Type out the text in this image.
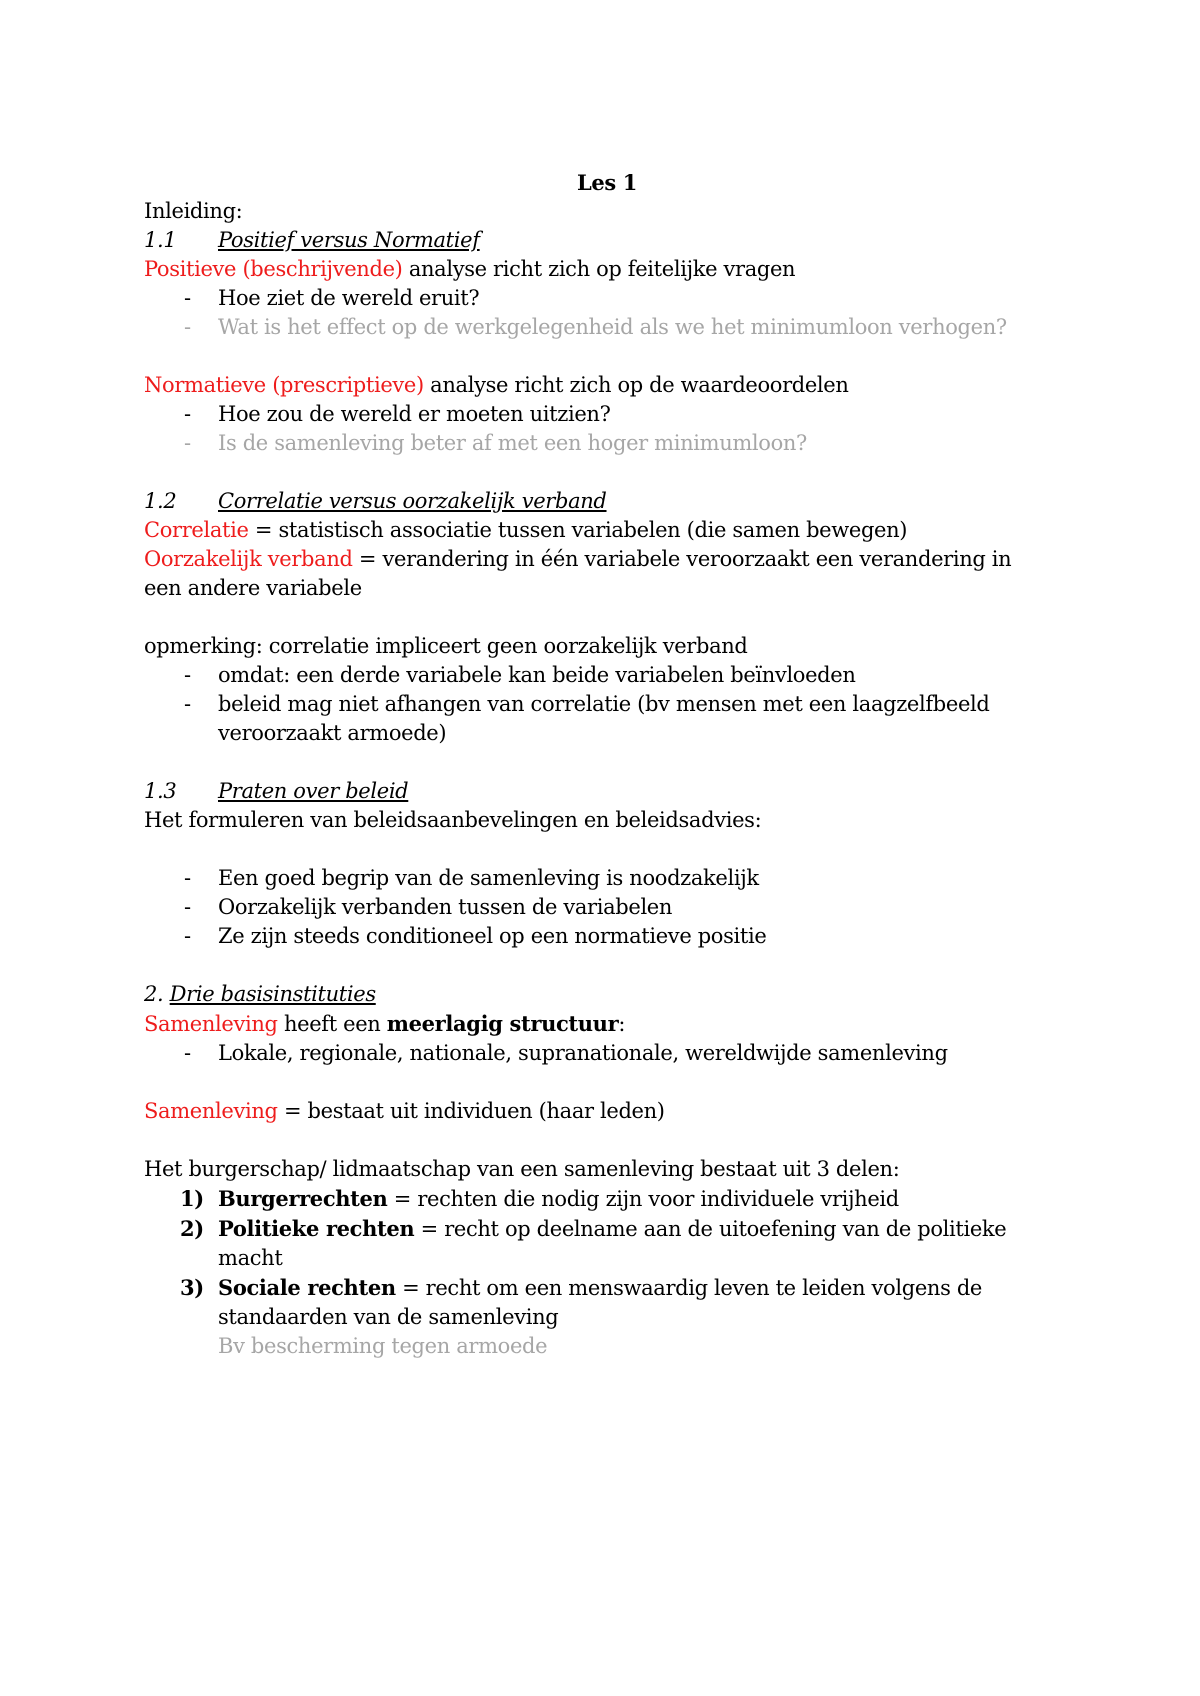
Les 1
Inleiding:
1.1 Positief versus Normatief
Positieve (beschrijvende) analyse richt zich op feitelijke vragen
- Hoe ziet de wereld eruit?
- Wat is het effect op de werkgelegenheid als we het minimumloon verhogen?
Normatieve (prescriptieve) analyse richt zich op de waardeoordelen
- Hoe zou de wereld er moeten uitzien?
- Is de samenleving beter af met een hoger minimumloon?
1.2 Correlatie versus oorzakelijk verband
Correlatie = statistisch associatie tussen variabelen (die samen bewegen)
Oorzakelijk verband = verandering in één variabele veroorzaakt een verandering in een andere variabele
opmerking: correlatie impliceert geen oorzakelijk verband
- omdat: een derde variabele kan beide variabelen beïnvloeden
- beleid mag niet afhangen van correlatie (bv mensen met een laagzelfbeeld veroorzaakt armoede)
1.3 Praten over beleid
Het formuleren van beleidsaanbevelingen en beleidsadvies:
- Een goed begrip van de samenleving is noodzakelijk
- Oorzakelijk verbanden tussen de variabelen
- Ze zijn steeds conditioneel op een normatieve positie
2. Drie basisinstituties
Samenleving heeft een meerlagig structuur:
- Lokale, regionale, nationale, supranationale, wereldwijde samenleving
Samenleving = bestaat uit individuen (haar leden)
Het burgerschap/ lidmaatschap van een samenleving bestaat uit 3 delen:
1) Burgerrechten = rechten die nodig zijn voor individuele vrijheid
2) Politieke rechten = recht op deelname aan de uitoefening van de politieke macht
3) Sociale rechten = recht om een menswaardig leven te leiden volgens de standaarden van de samenleving
Bv bescherming tegen armoede
